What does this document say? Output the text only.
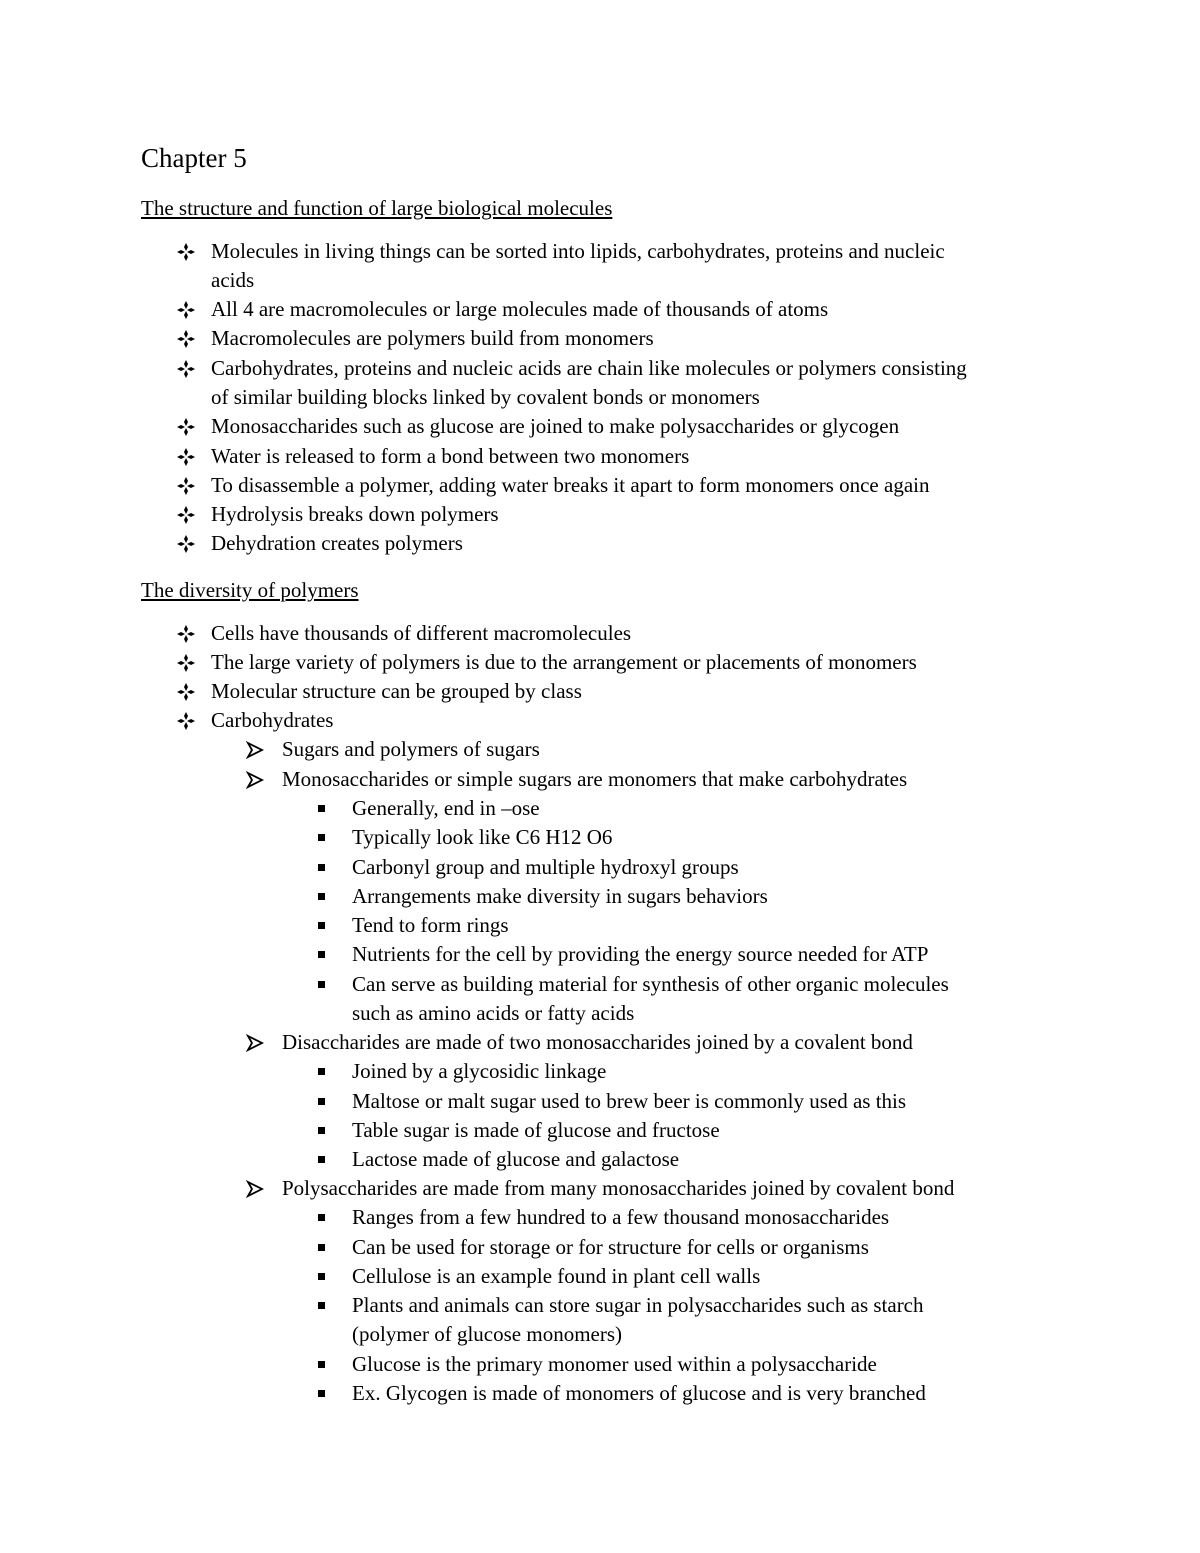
Chapter 5
The structure and function of large biological molecules
Molecules in living things can be sorted into lipids, carbohydrates, proteins and nucleic
acids
All 4 are macromolecules or large molecules made of thousands of atoms
Macromolecules are polymers build from monomers
Carbohydrates, proteins and nucleic acids are chain like molecules or polymers consisting
of similar building blocks linked by covalent bonds or monomers
Monosaccharides such as glucose are joined to make polysaccharides or glycogen
Water is released to form a bond between two monomers
To disassemble a polymer, adding water breaks it apart to form monomers once again
Hydrolysis breaks down polymers
Dehydration creates polymers
The diversity of polymers
Cells have thousands of different macromolecules
The large variety of polymers is due to the arrangement or placements of monomers
Molecular structure can be grouped by class
Carbohydrates
Sugars and polymers of sugars
Monosaccharides or simple sugars are monomers that make carbohydrates
Generally, end in –ose
Typically look like C6 H12 O6
Carbonyl group and multiple hydroxyl groups
Arrangements make diversity in sugars behaviors
Tend to form rings
Nutrients for the cell by providing the energy source needed for ATP
Can serve as building material for synthesis of other organic molecules
such as amino acids or fatty acids
Disaccharides are made of two monosaccharides joined by a covalent bond
Joined by a glycosidic linkage
Maltose or malt sugar used to brew beer is commonly used as this
Table sugar is made of glucose and fructose
Lactose made of glucose and galactose
Polysaccharides are made from many monosaccharides joined by covalent bond
Ranges from a few hundred to a few thousand monosaccharides
Can be used for storage or for structure for cells or organisms
Cellulose is an example found in plant cell walls
Plants and animals can store sugar in polysaccharides such as starch
(polymer of glucose monomers)
Glucose is the primary monomer used within a polysaccharide
Ex. Glycogen is made of monomers of glucose and is very branched
